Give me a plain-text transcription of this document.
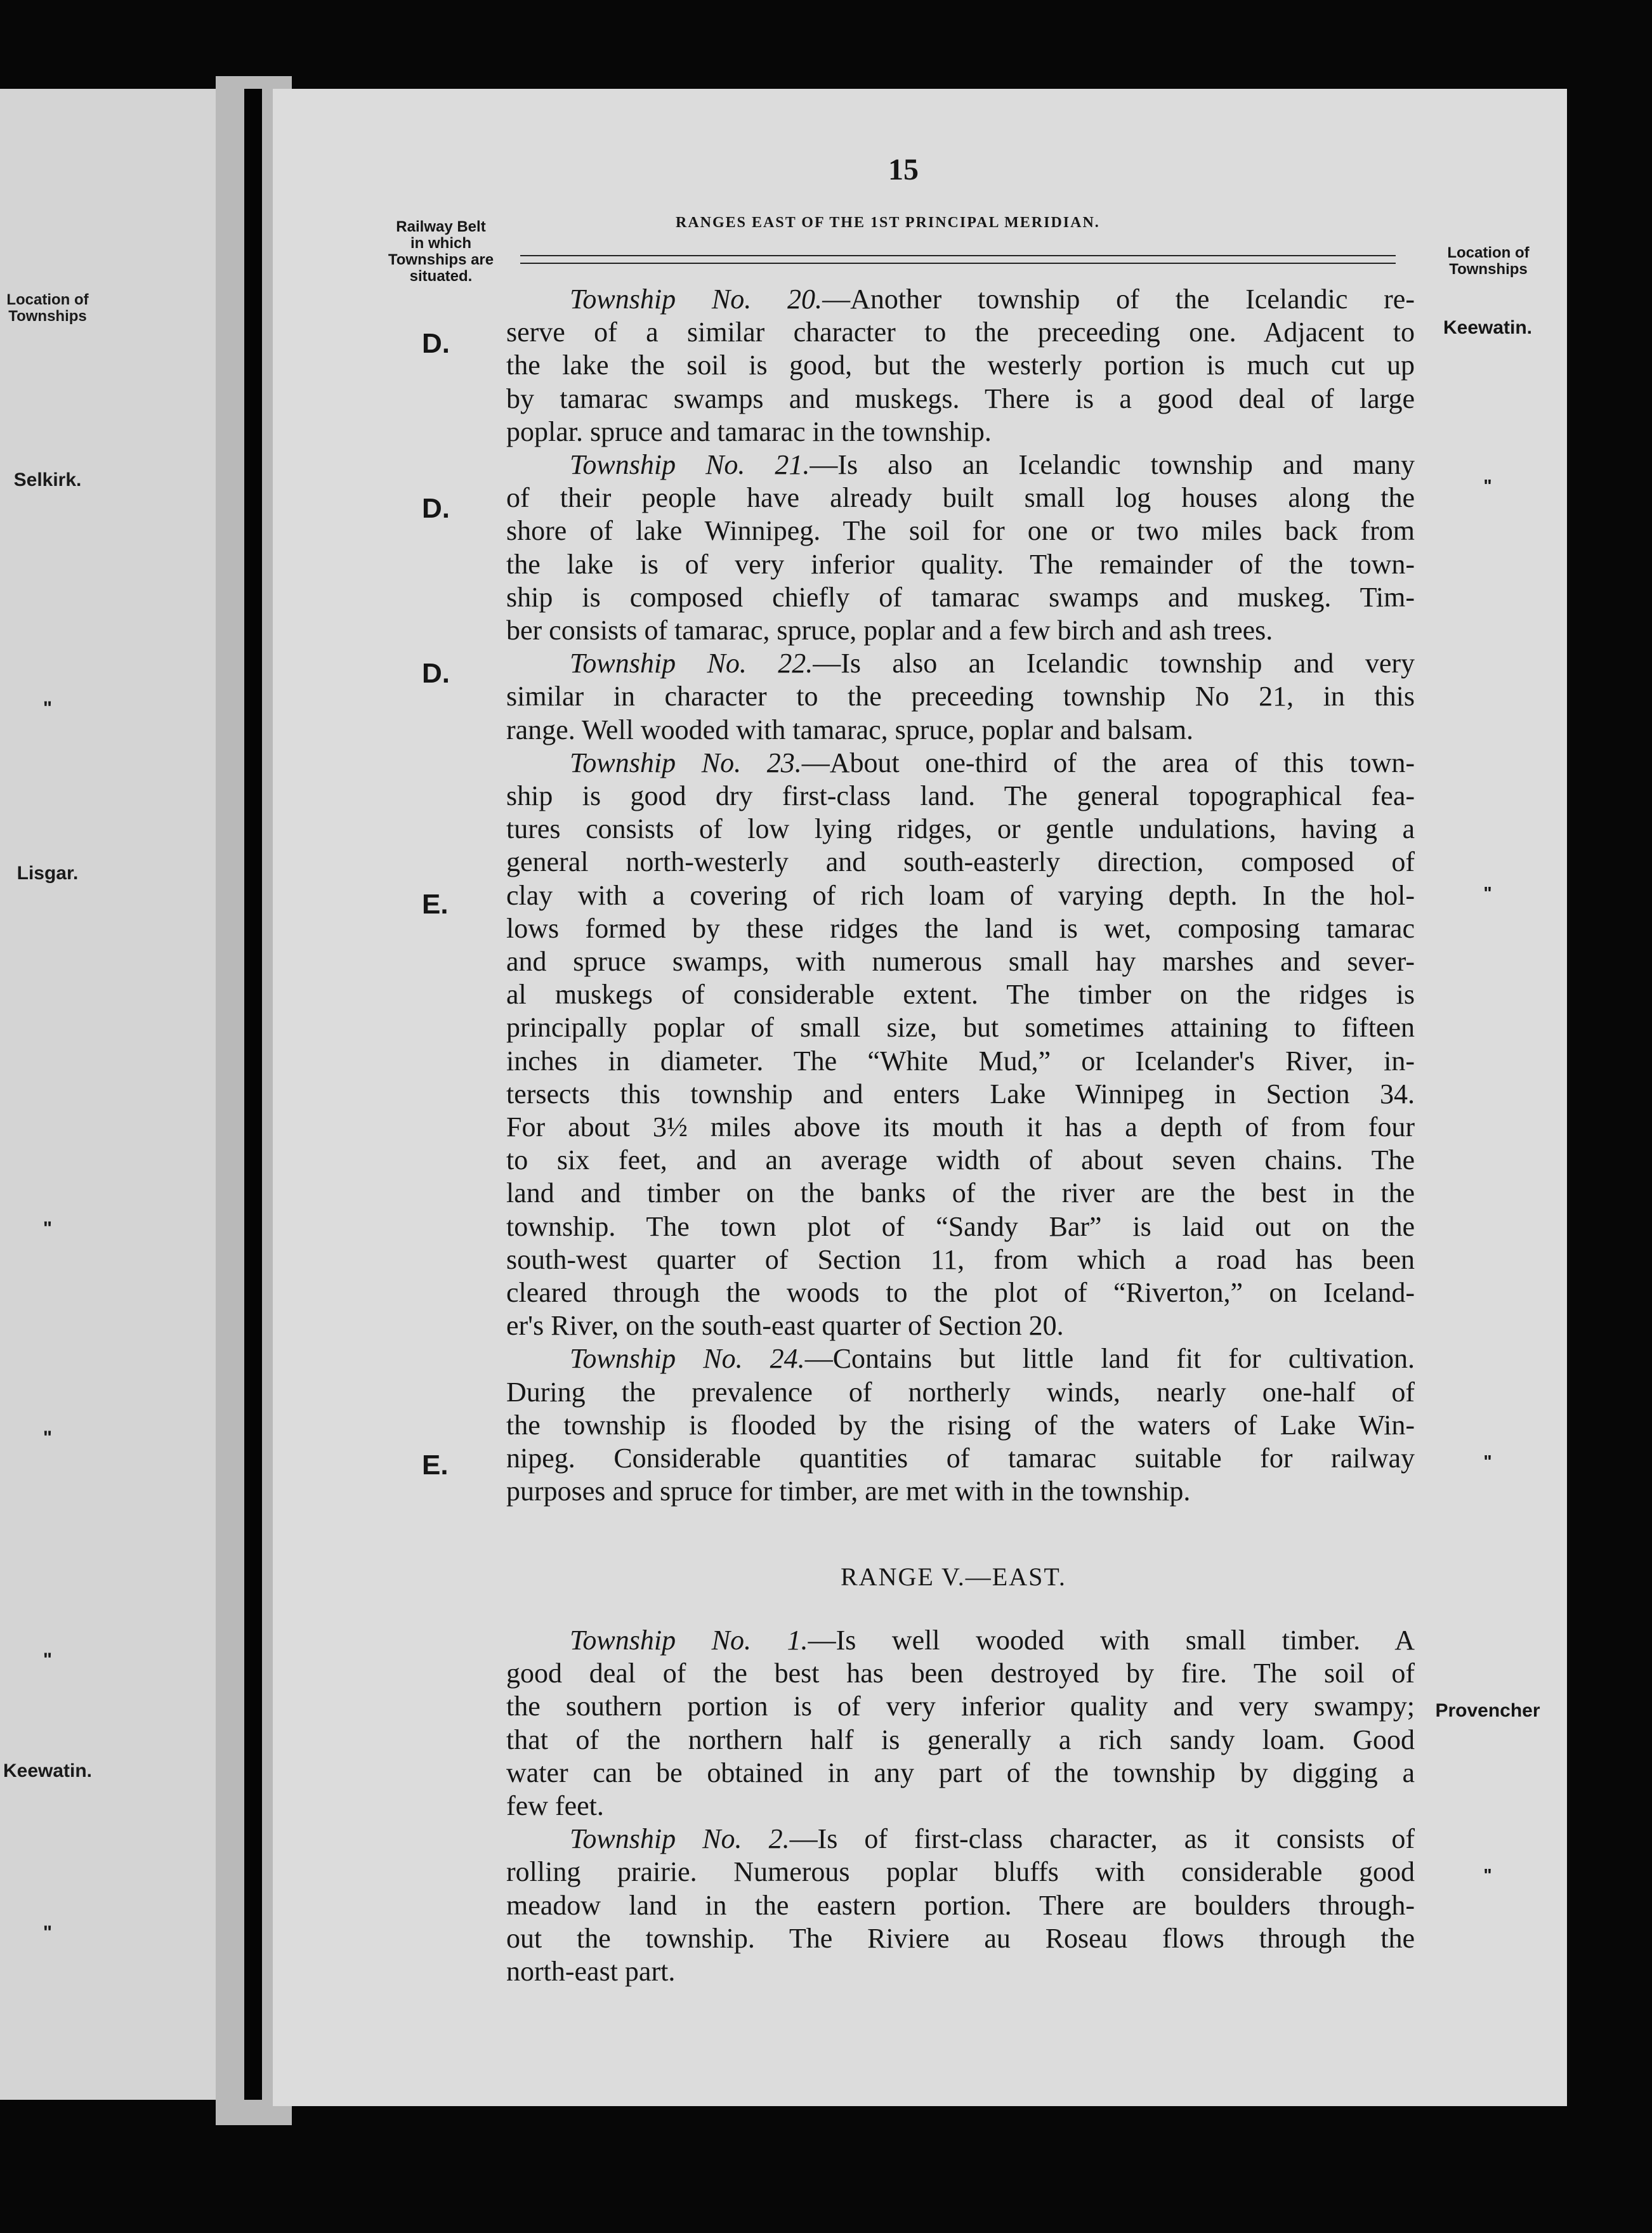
Location of
Townships
Selkirk.
"
Lisgar.
"
"
"
Keewatin.
"
15
Railway Belt
in which
Townships are
situated.
RANGES EAST OF THE 1ST PRINCIPAL MERIDIAN.
Location of
Townships
D.
D.
D.
E.
E.
Keewatin.
"
"
"
Provencher
"
RANGE V.—EAST.
Township No. 20.—Another township of the Icelandic re-
serve of a similar character to the preceeding one. Adjacent to
the lake the soil is good, but the westerly portion is much cut up
by tamarac swamps and muskegs. There is a good deal of large
poplar. spruce and tamarac in the township.
Township No. 21.—Is also an Icelandic township and many
of their people have already built small log houses along the
shore of lake Winnipeg. The soil for one or two miles back from
the lake is of very inferior quality. The remainder of the town-
ship is composed chiefly of tamarac swamps and muskeg. Tim-
ber consists of tamarac, spruce, poplar and a few birch and ash trees.
Township No. 22.—Is also an Icelandic township and very
similar in character to the preceeding township No 21, in this
range. Well wooded with tamarac, spruce, poplar and balsam.
Township No. 23.—About one-third of the area of this town-
ship is good dry first-class land. The general topographical fea-
tures consists of low lying ridges, or gentle undulations, having a
general north-westerly and south-easterly direction, composed of
clay with a covering of rich loam of varying depth. In the hol-
lows formed by these ridges the land is wet, composing tamarac
and spruce swamps, with numerous small hay marshes and sever-
al muskegs of considerable extent. The timber on the ridges is
principally poplar of small size, but sometimes attaining to fifteen
inches in diameter. The “White Mud,” or Icelander's River, in-
tersects this township and enters Lake Winnipeg in Section 34.
For about 3½ miles above its mouth it has a depth of from four
to six feet, and an average width of about seven chains. The
land and timber on the banks of the river are the best in the
township. The town plot of “Sandy Bar” is laid out on the
south-west quarter of Section 11, from which a road has been
cleared through the woods to the plot of “Riverton,” on Iceland-
er's River, on the south-east quarter of Section 20.
Township No. 24.—Contains but little land fit for cultivation.
During the prevalence of northerly winds, nearly one-half of
the township is flooded by the rising of the waters of Lake Win-
nipeg. Considerable quantities of tamarac suitable for railway
purposes and spruce for timber, are met with in the township.
Township No. 1.—Is well wooded with small timber. A
good deal of the best has been destroyed by fire. The soil of
the southern portion is of very inferior quality and very swampy;
that of the northern half is generally a rich sandy loam. Good
water can be obtained in any part of the township by digging a
few feet.
Township No. 2.—Is of first-class character, as it consists of
rolling prairie. Numerous poplar bluffs with considerable good
meadow land in the eastern portion. There are boulders through-
out the township. The Riviere au Roseau flows through the
north-east part.
